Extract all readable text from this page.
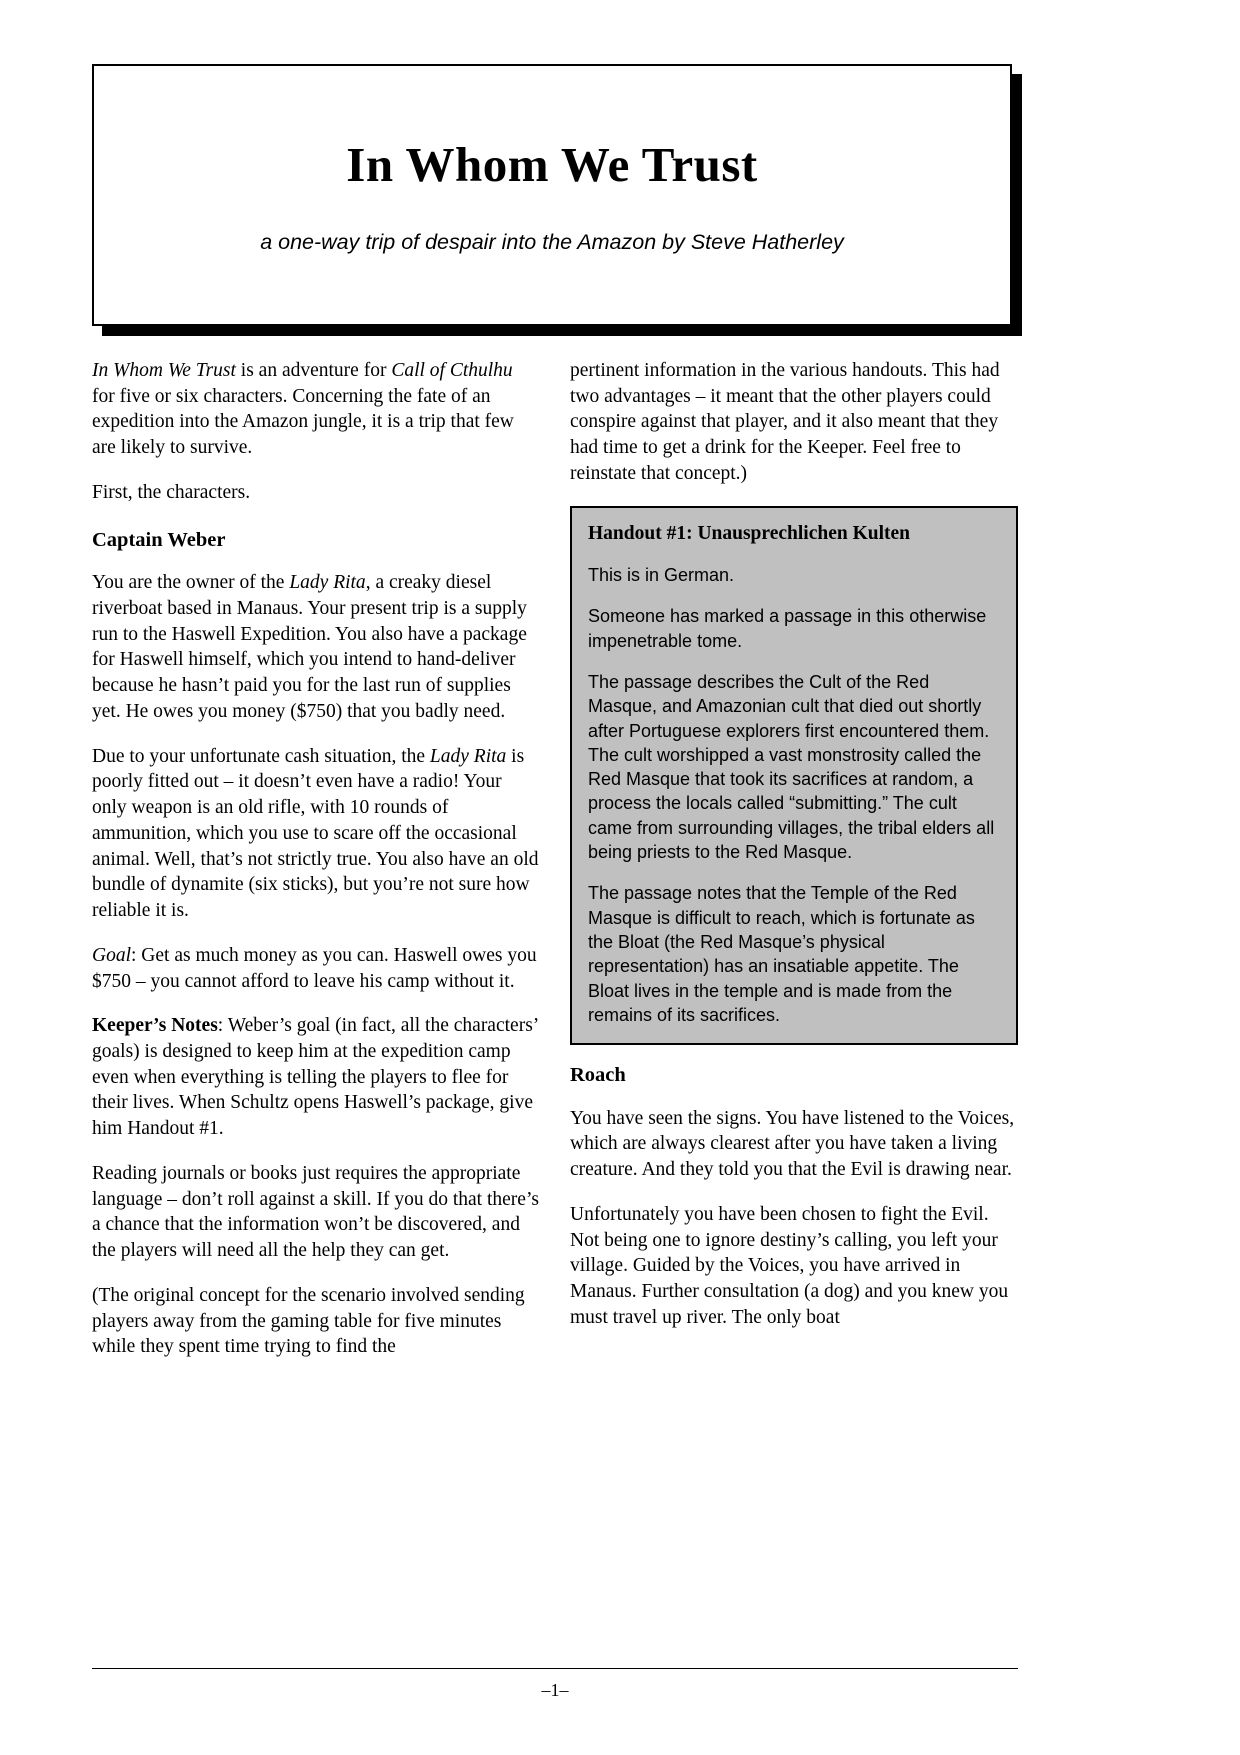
In Whom We Trust
a one-way trip of despair into the Amazon by Steve Hatherley

In Whom We Trust is an adventure for Call of Cthulhu for five or six characters. Concerning the fate of an expedition into the Amazon jungle, it is a trip that few are likely to survive.

First, the characters.

Captain Weber

You are the owner of the Lady Rita, a creaky diesel riverboat based in Manaus. Your present trip is a supply run to the Haswell Expedition. You also have a package for Haswell himself, which you intend to hand-deliver because he hasn’t paid you for the last run of supplies yet. He owes you money ($750) that you badly need.

Due to your unfortunate cash situation, the Lady Rita is poorly fitted out – it doesn’t even have a radio! Your only weapon is an old rifle, with 10 rounds of ammunition, which you use to scare off the occasional animal. Well, that’s not strictly true. You also have an old bundle of dynamite (six sticks), but you’re not sure how reliable it is.

Goal: Get as much money as you can. Haswell owes you $750 – you cannot afford to leave his camp without it.

Keeper’s Notes: Weber’s goal (in fact, all the characters’ goals) is designed to keep him at the expedition camp even when everything is telling the players to flee for their lives. When Schultz opens Haswell’s package, give him Handout #1.

Reading journals or books just requires the appropriate language – don’t roll against a skill. If you do that there’s a chance that the information won’t be discovered, and the players will need all the help they can get.

(The original concept for the scenario involved sending players away from the gaming table for five minutes while they spent time trying to find the

pertinent information in the various handouts. This had two advantages – it meant that the other players could conspire against that player, and it also meant that they had time to get a drink for the Keeper. Feel free to reinstate that concept.)

Handout #1: Unausprechlichen Kulten

This is in German.

Someone has marked a passage in this otherwise impenetrable tome.

The passage describes the Cult of the Red Masque, and Amazonian cult that died out shortly after Portuguese explorers first encountered them. The cult worshipped a vast monstrosity called the Red Masque that took its sacrifices at random, a process the locals called “submitting.” The cult came from surrounding villages, the tribal elders all being priests to the Red Masque.

The passage notes that the Temple of the Red Masque is difficult to reach, which is fortunate as the Bloat (the Red Masque’s physical representation) has an insatiable appetite. The Bloat lives in the temple and is made from the remains of its sacrifices.

Roach

You have seen the signs. You have listened to the Voices, which are always clearest after you have taken a living creature. And they told you that the Evil is drawing near.

Unfortunately you have been chosen to fight the Evil. Not being one to ignore destiny’s calling, you left your village. Guided by the Voices, you have arrived in Manaus. Further consultation (a dog) and you knew you must travel up river. The only boat

–1–
